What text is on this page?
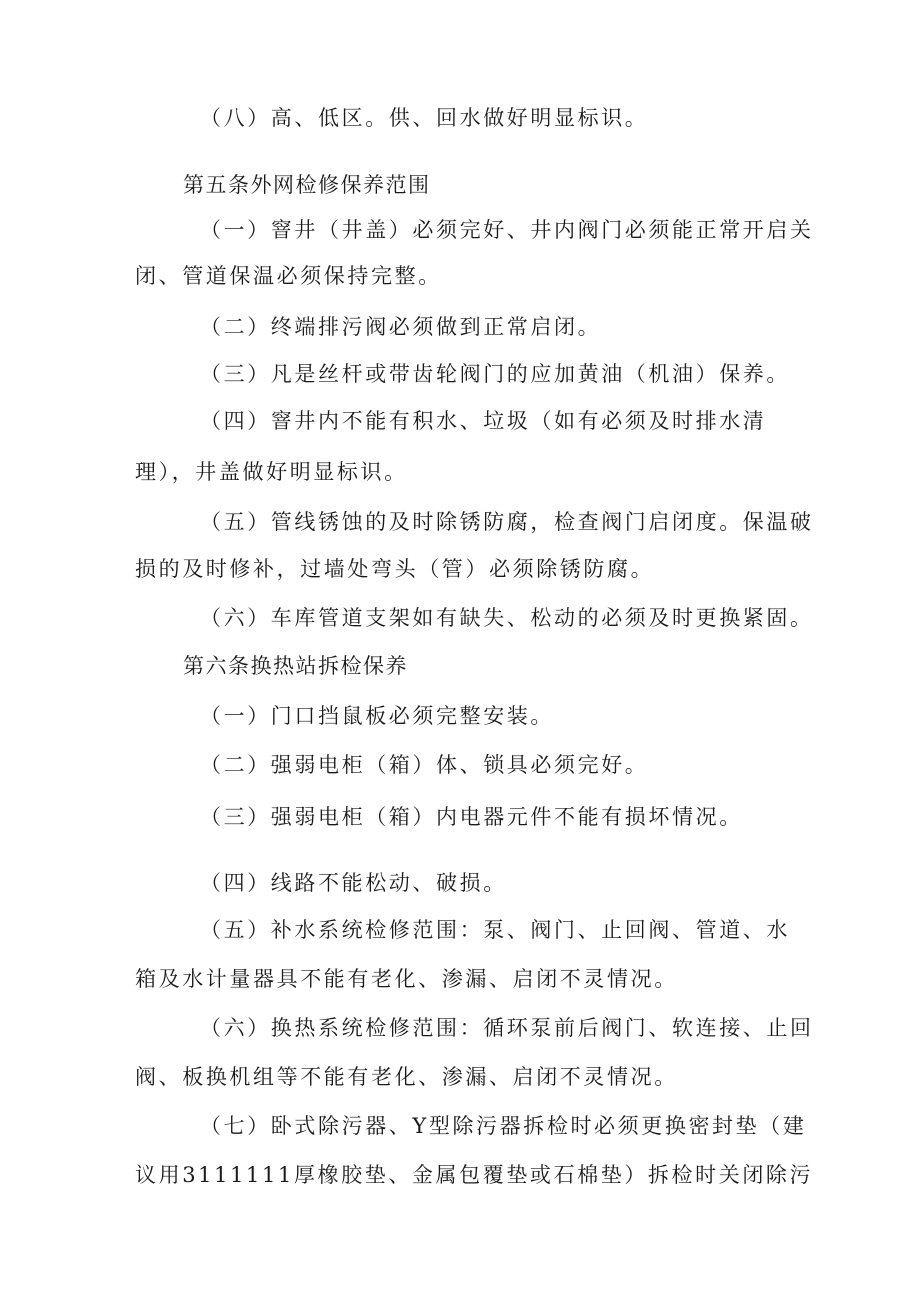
（八）高、低区。供、回水做好明显标识。

第五条外网检修保养范围

（一）窨井（井盖）必须完好、井内阀门必须能正常开启关

闭、管道保温必须保持完整。

（二）终端排污阀必须做到正常启闭。

（三）凡是丝杆或带齿轮阀门的应加黄油（机油）保养。

（四）窨井内不能有积水、垃圾（如有必须及时排水清

理），井盖做好明显标识。

（五）管线锈蚀的及时除锈防腐，检查阀门启闭度。保温破

损的及时修补，过墙处弯头（管）必须除锈防腐。

（六）车库管道支架如有缺失、松动的必须及时更换紧固。

第六条换热站拆检保养

（一）门口挡鼠板必须完整安装。

（二）强弱电柜（箱）体、锁具必须完好。

（三）强弱电柜（箱）内电器元件不能有损坏情况。

（四）线路不能松动、破损。

（五）补水系统检修范围：泵、阀门、止回阀、管道、水

箱及水计量器具不能有老化、渗漏、启闭不灵情况。

（六）换热系统检修范围：循环泵前后阀门、软连接、止回

阀、板换机组等不能有老化、渗漏、启闭不灵情况。

（七）卧式除污器、Y型除污器拆检时必须更换密封垫（建

议用3111111厚橡胶垫、金属包覆垫或石棉垫）拆检时关闭除污
